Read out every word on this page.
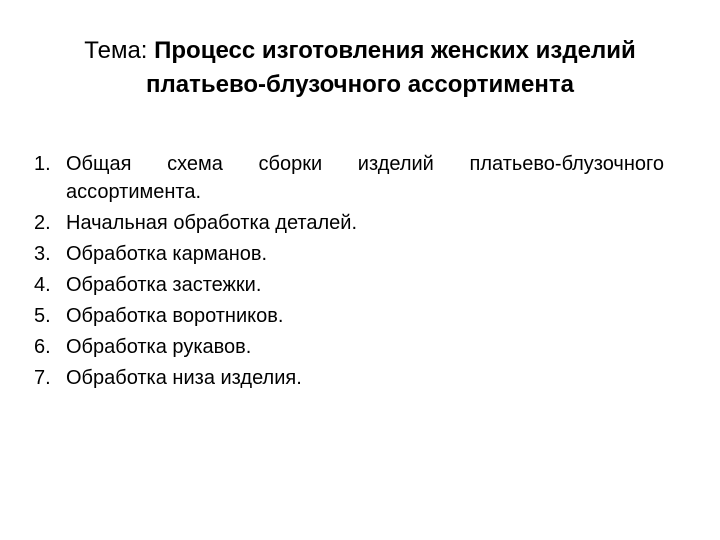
Тема: Процесс изготовления женских изделий платьево-блузочного ассортимента
1. Общая схема сборки изделий платьево-блузочного ассортимента.
2. Начальная обработка деталей.
3. Обработка карманов.
4. Обработка застежки.
5. Обработка воротников.
6. Обработка рукавов.
7. Обработка низа изделия.
